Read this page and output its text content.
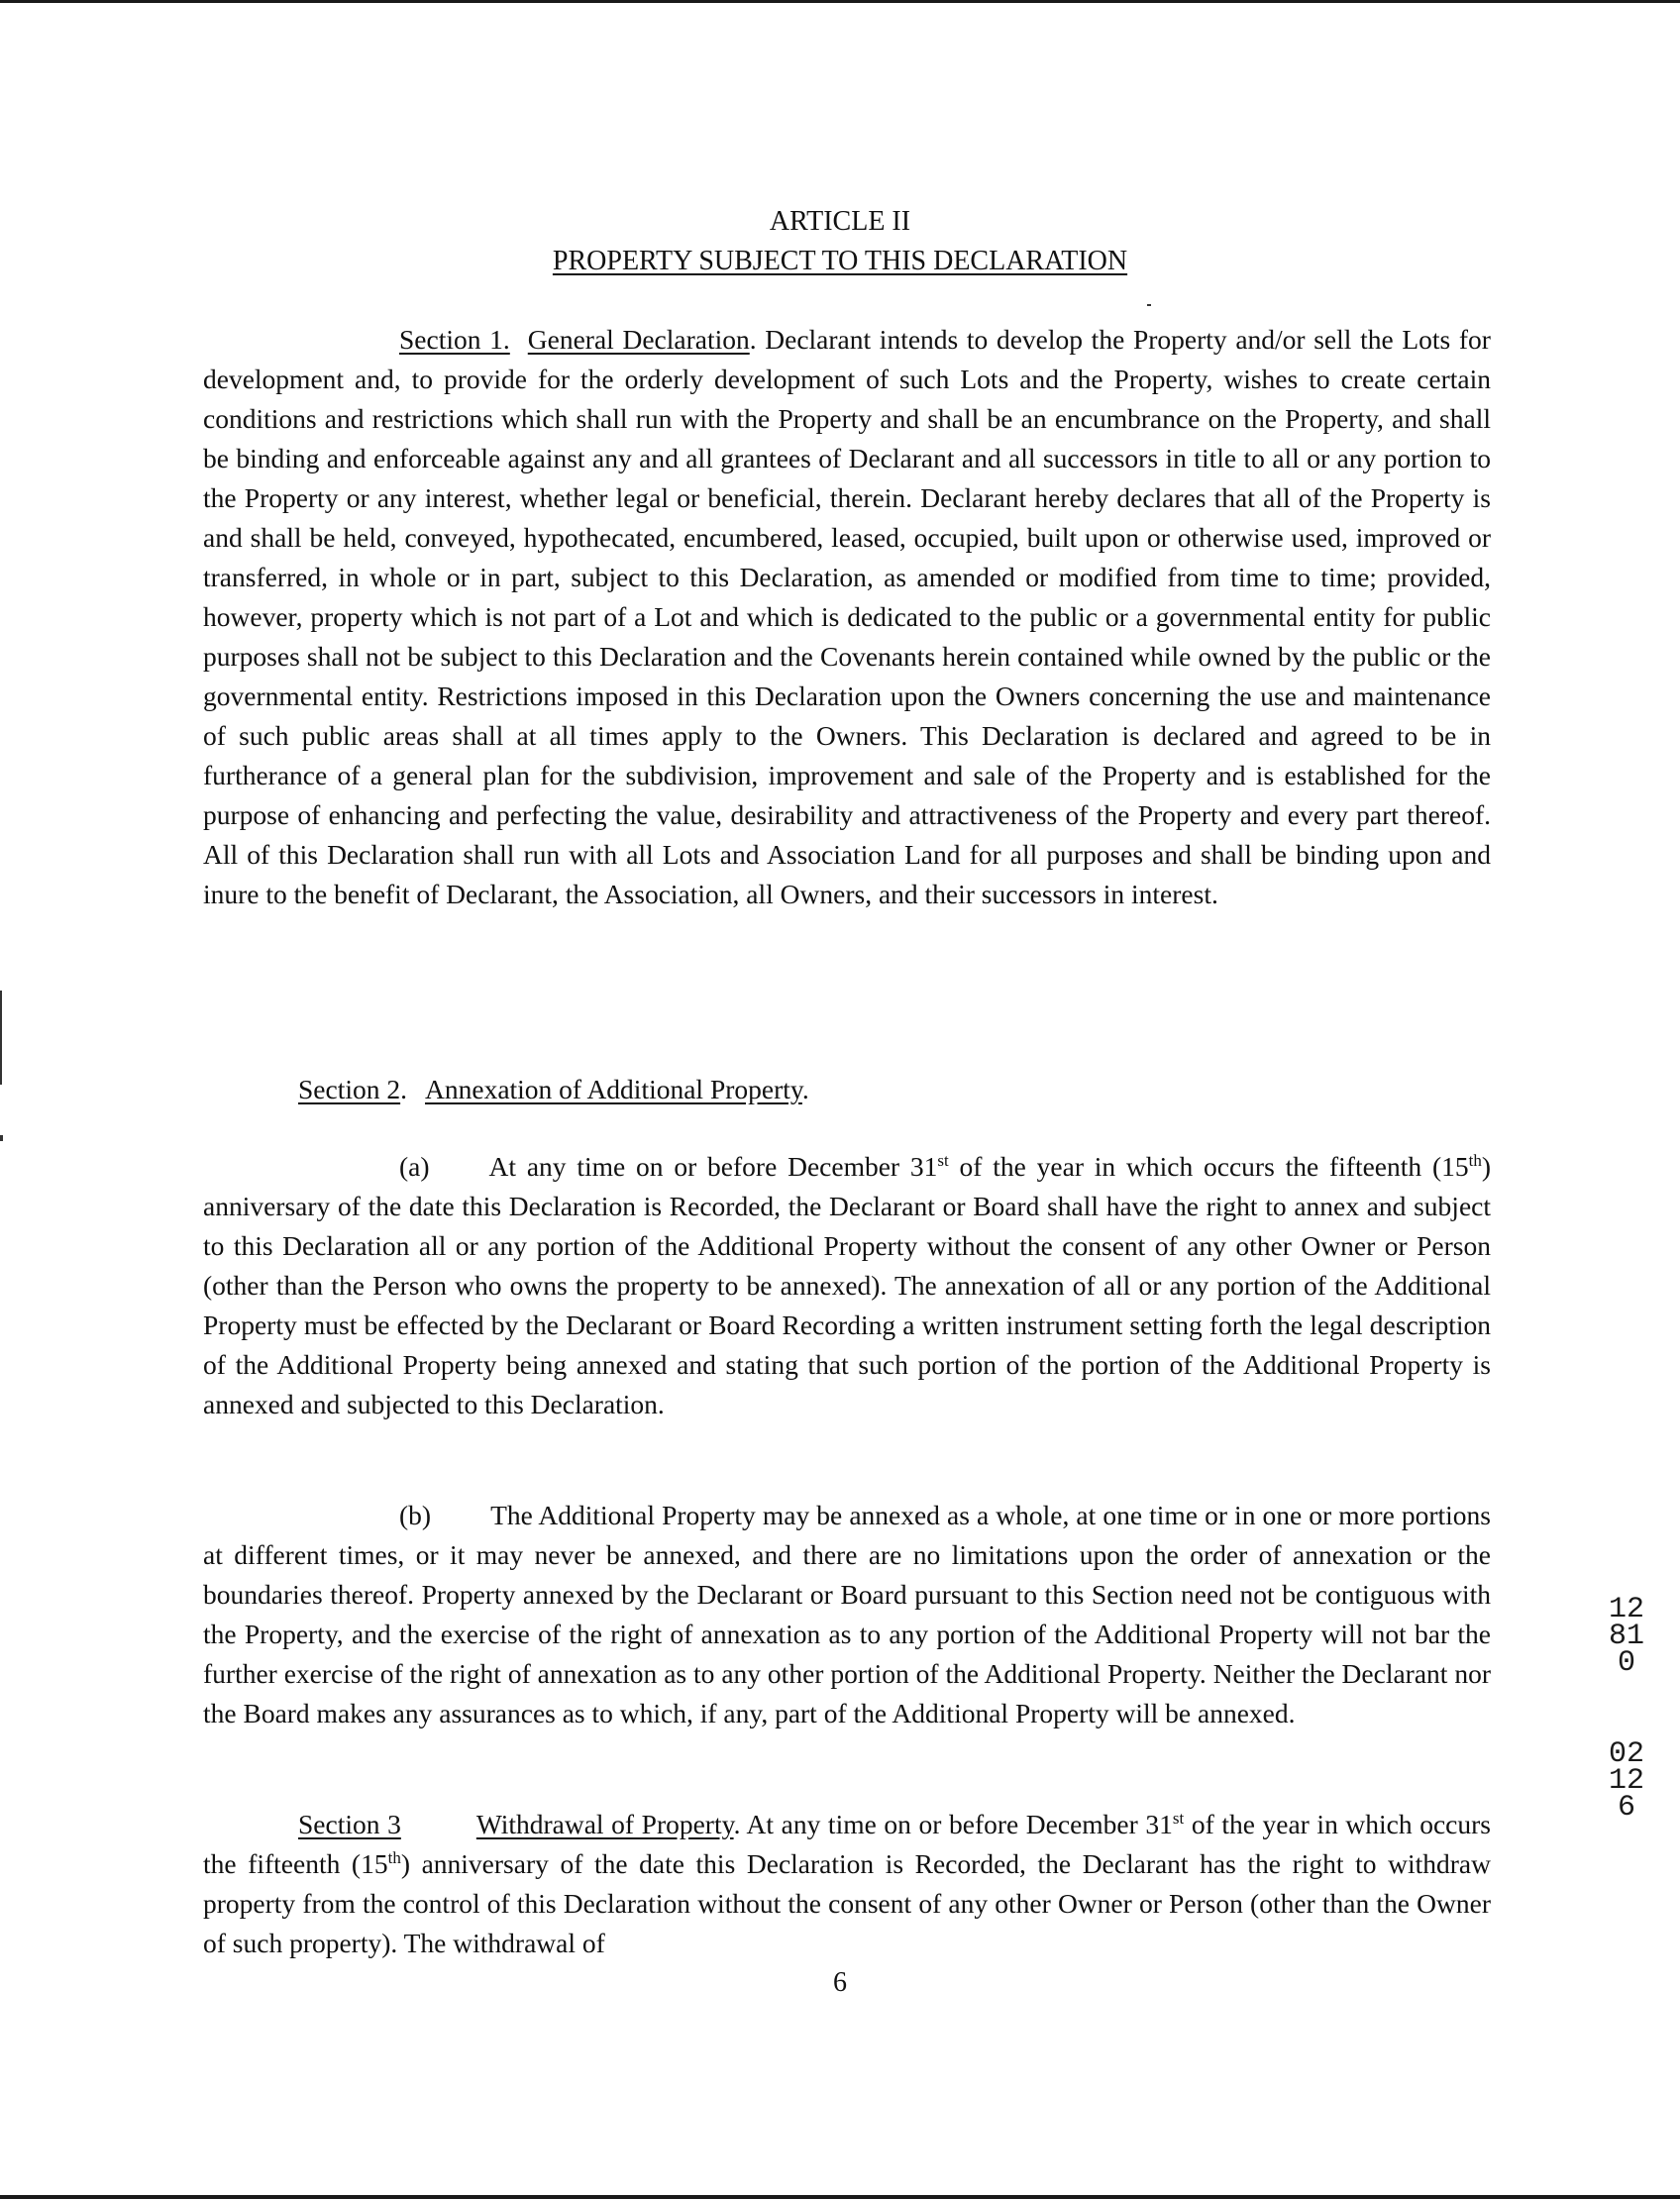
ARTICLE II
PROPERTY SUBJECT TO THIS DECLARATION

Section 1. General Declaration. Declarant intends to develop the Property and/or sell the Lots for development and, to provide for the orderly development of such Lots and the Property, wishes to create certain conditions and restrictions which shall run with the Property and shall be an encumbrance on the Property, and shall be binding and enforceable against any and all grantees of Declarant and all successors in title to all or any portion to the Property or any interest, whether legal or beneficial, therein. Declarant hereby declares that all of the Property is and shall be held, conveyed, hypothecated, encumbered, leased, occupied, built upon or otherwise used, improved or transferred, in whole or in part, subject to this Declaration, as amended or modified from time to time; provided, however, property which is not part of a Lot and which is dedicated to the public or a governmental entity for public purposes shall not be subject to this Declaration and the Covenants herein contained while owned by the public or the governmental entity. Restrictions imposed in this Declaration upon the Owners concerning the use and maintenance of such public areas shall at all times apply to the Owners. This Declaration is declared and agreed to be in furtherance of a general plan for the subdivision, improvement and sale of the Property and is established for the purpose of enhancing and perfecting the value, desirability and attractiveness of the Property and every part thereof. All of this Declaration shall run with all Lots and Association Land for all purposes and shall be binding upon and inure to the benefit of Declarant, the Association, all Owners, and their successors in interest.

Section 2. Annexation of Additional Property.

(a) At any time on or before December 31st of the year in which occurs the fifteenth (15th) anniversary of the date this Declaration is Recorded, the Declarant or Board shall have the right to annex and subject to this Declaration all or any portion of the Additional Property without the consent of any other Owner or Person (other than the Person who owns the property to be annexed). The annexation of all or any portion of the Additional Property must be effected by the Declarant or Board Recording a written instrument setting forth the legal description of the Additional Property being annexed and stating that such portion of the portion of the Additional Property is annexed and subjected to this Declaration.

(b) The Additional Property may be annexed as a whole, at one time or in one or more portions at different times, or it may never be annexed, and there are no limitations upon the order of annexation or the boundaries thereof. Property annexed by the Declarant or Board pursuant to this Section need not be contiguous with the Property, and the exercise of the right of annexation as to any portion of the Additional Property will not bar the further exercise of the right of annexation as to any other portion of the Additional Property. Neither the Declarant nor the Board makes any assurances as to which, if any, part of the Additional Property will be annexed.

Section 3	Withdrawal of Property. At any time on or before December 31st of the year in which occurs the fifteenth (15th) anniversary of the date this Declaration is Recorded, the Declarant has the right to withdraw property from the control of this Declaration without the consent of any other Owner or Person (other than the Owner of such property). The withdrawal of

6
12810
02126
